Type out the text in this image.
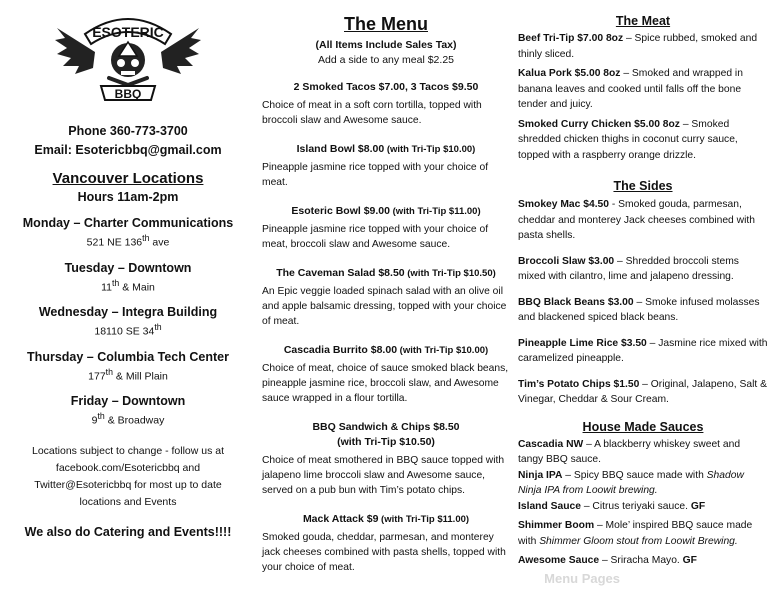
ESOTERIC
BBQ
Phone 360-773-3700
Email: Esotericbbq@gmail.com
Vancouver Locations
Hours 11am-2pm
Monday – Charter Communications
521 NE 136th ave
Tuesday – Downtown
11th & Main
Wednesday – Integra Building
18110 SE 34th
Thursday – Columbia Tech Center
177th & Mill Plain
Friday – Downtown
9th & Broadway
Locations subject to change - follow us at
facebook.com/Esotericbbq and
Twitter@Esotericbbq for most up to date
locations and Events
We also do Catering and Events!!!!
The Menu
(All Items Include Sales Tax)
Add a side to any meal $2.25
2 Smoked Tacos $7.00, 3 Tacos $9.50
Choice of meat in a soft corn tortilla, topped with broccoli slaw and Awesome sauce.
Island Bowl $8.00 (with Tri-Tip $10.00)
Pineapple jasmine rice topped with your choice of meat.
Esoteric Bowl $9.00 (with Tri-Tip $11.00)
Pineapple jasmine rice topped with your choice of meat, broccoli slaw and Awesome sauce.
The Caveman Salad $8.50 (with Tri-Tip $10.50)
An Epic veggie loaded spinach salad with an olive oil and apple balsamic dressing, topped with your choice of meat.
Cascadia Burrito $8.00 (with Tri-Tip $10.00)
Choice of meat, choice of sauce smoked black beans, pineapple jasmine rice, broccoli slaw, and Awesome sauce wrapped in a flour tortilla.
BBQ Sandwich & Chips $8.50
(with Tri-Tip $10.50)
Choice of meat smothered in BBQ sauce topped with jalapeno lime broccoli slaw and Awesome sauce, served on a pub bun with Tim’s potato chips.
Mack Attack $9 (with Tri-Tip $11.00)
Smoked gouda, cheddar, parmesan, and monterey jack cheeses combined with pasta shells, topped with your choice of meat.
The Meat
Beef Tri-Tip $7.00 8oz – Spice rubbed, smoked and thinly sliced.
Kalua Pork $5.00 8oz – Smoked and wrapped in banana leaves and cooked until falls off the bone tender and juicy.
Smoked Curry Chicken $5.00 8oz – Smoked shredded chicken thighs in coconut curry sauce, topped with a raspberry orange drizzle.
The Sides
Smokey Mac $4.50 - Smoked gouda, parmesan, cheddar and monterey Jack cheeses combined with pasta shells.
Broccoli Slaw $3.00 – Shredded broccoli stems mixed with cilantro, lime and jalapeno dressing.
BBQ Black Beans $3.00 – Smoke infused molasses and blackened spiced black beans.
Pineapple Lime Rice $3.50 – Jasmine rice mixed with caramelized pineapple.
Tim’s Potato Chips $1.50 – Original, Jalapeno, Salt & Vinegar, Cheddar & Sour Cream.
House Made Sauces
Cascadia NW – A blackberry whiskey sweet and tangy BBQ sauce.
Ninja IPA – Spicy BBQ sauce made with Shadow Ninja IPA from Loowit brewing.
Island Sauce – Citrus teriyaki sauce. GF
Shimmer Boom – Mole’ inspired BBQ sauce made with Shimmer Gloom stout from Loowit Brewing.
Awesome Sauce – Sriracha Mayo. GF
Menu Pages
